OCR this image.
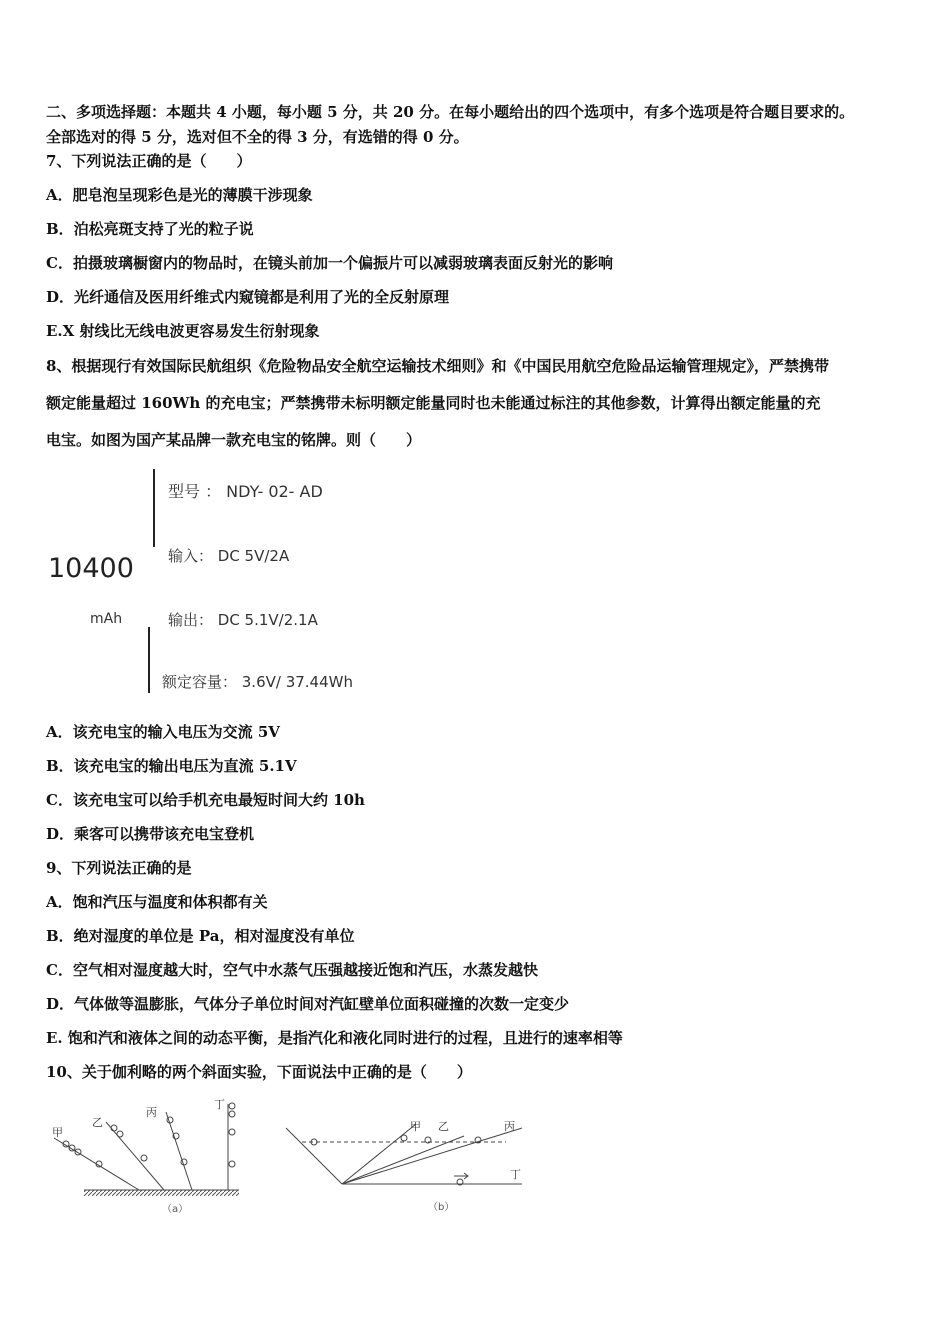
二、多项选择题：本题共 4 小题，每小题 5 分，共 20 分。在每小题给出的四个选项中，有多个选项是符合题目要求的。
全部选对的得 5 分，选对但不全的得 3 分，有选错的得 0 分。
7、下列说法正确的是（　　）
A．肥皂泡呈现彩色是光的薄膜干涉现象
B．泊松亮斑支持了光的粒子说
C．拍摄玻璃橱窗内的物品时，在镜头前加一个偏振片可以减弱玻璃表面反射光的影响
D．光纤通信及医用纤维式内窥镜都是利用了光的全反射原理
E.X 射线比无线电波更容易发生衍射现象
8、根据现行有效国际民航组织《危险物品安全航空运输技术细则》和《中国民用航空危险品运输管理规定》，严禁携带
额定能量超过 160Wh 的充电宝；严禁携带未标明额定能量同时也未能通过标注的其他参数，计算得出额定能量的充
电宝。如图为国产某品牌一款充电宝的铭牌。则（　　）
10400
mAh
型号 ： NDY- 02- AD
输入： DC 5V/2A
输出： DC 5.1V/2.1A
额定容量： 3.6V/ 37.44Wh
A．该充电宝的输入电压为交流 5V
B．该充电宝的输出电压为直流 5.1V
C．该充电宝可以给手机充电最短时间大约 10h
D．乘客可以携带该充电宝登机
9、下列说法正确的是
A．饱和汽压与温度和体积都有关
B．绝对湿度的单位是 Pa，相对湿度没有单位
C．空气相对湿度越大时，空气中水蒸气压强越接近饱和汽压，水蒸发越快
D．气体做等温膨胀，气体分子单位时间对汽缸壁单位面积碰撞的次数一定变少
E. 饱和汽和液体之间的动态平衡，是指汽化和液化同时进行的过程，且进行的速率相等
10、关于伽利略的两个斜面实验，下面说法中正确的是（　　）
甲
乙
丙
丁
（a）
甲 乙	丙
丁
（b）
